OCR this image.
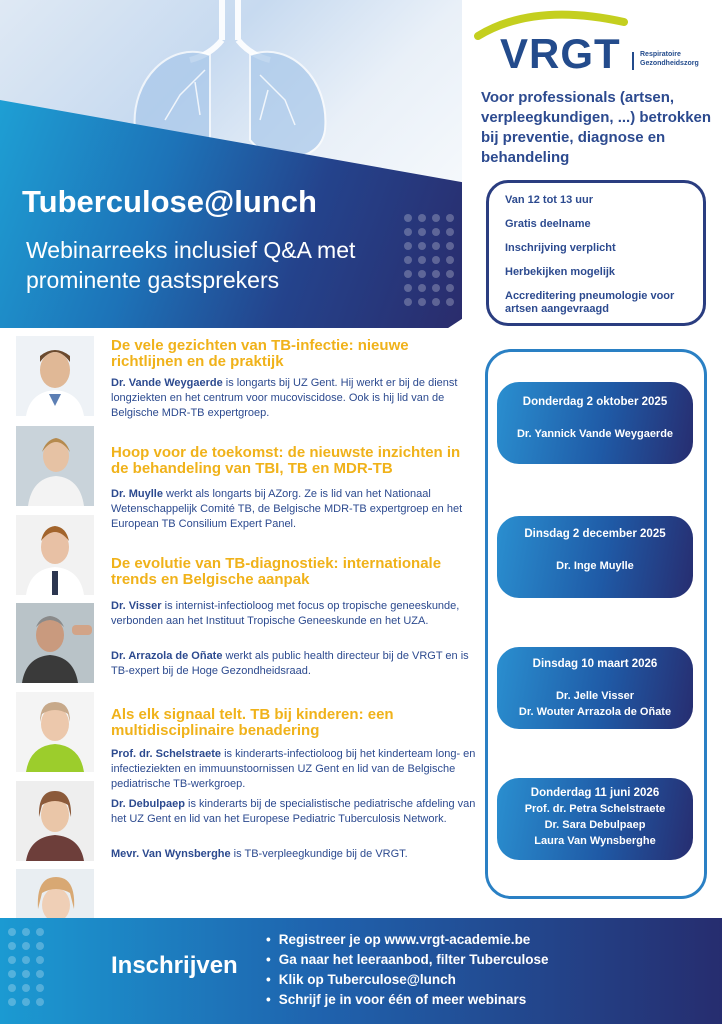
Tuberculose@lunch
Webinarreeks inclusief Q&A met prominente gastsprekers
VRGT	Respiratoire
Gezondheidszorg
Voor professionals (artsen, verpleegkundigen, ...) betrokken bij preventie, diagnose en behandeling
Van 12 tot 13 uur
Gratis deelname
Inschrijving verplicht
Herbekijken mogelijk
Accreditering pneumologie voor artsen aangevraagd
De vele gezichten van TB-infectie: nieuwe richtlijnen en de praktijk
Dr. Vande Weygaerde is longarts bij UZ Gent. Hij werkt er bij de dienst longziekten en het centrum voor mucoviscidose. Ook is hij lid van de Belgische MDR-TB expertgroep.
Hoop voor de toekomst: de nieuwste inzichten in de behandeling van TBI, TB en MDR-TB
Dr. Muylle werkt als longarts bij AZorg. Ze is lid van het Nationaal Wetenschappelijk Comité TB, de Belgische MDR-TB expertgroep en het European TB Consilium Expert Panel.
De evolutie van TB-diagnostiek: internationale trends en Belgische aanpak
Dr. Visser is internist-infectioloog met focus op tropische geneeskunde, verbonden aan het Instituut Tropische Geneeskunde en het UZA.
Dr. Arrazola de Oñate werkt als public health directeur bij de VRGT en is TB-expert bij de Hoge Gezondheidsraad.
Als elk signaal telt. TB bij kinderen: een multidisciplinaire benadering
Prof. dr. Schelstraete is kinderarts-infectioloog bij het kinderteam long- en infectieziekten en immuunstoornissen UZ Gent en lid van de Belgische pediatrische TB-werkgroep.
Dr. Debulpaep is kinderarts bij de specialistische pediatrische afdeling van het UZ Gent en lid van het Europese Pediatric Tuberculosis Network.
Mevr. Van Wynsberghe is TB-verpleegkundige bij de VRGT.
Donderdag 2 oktober 2025
Dr. Yannick Vande Weygaerde
Dinsdag 2 december 2025
Dr. Inge Muylle
Dinsdag 10 maart 2026
Dr. Jelle Visser
Dr. Wouter Arrazola de Oñate
Donderdag 11 juni 2026
Prof. dr. Petra Schelstraete
Dr. Sara Debulpaep
Laura Van Wynsberghe
Inschrijven
• Registreer je op www.vrgt-academie.be
• Ga naar het leeraanbod, filter Tuberculose
• Klik op Tuberculose@lunch
• Schrijf je in voor één of meer webinars
